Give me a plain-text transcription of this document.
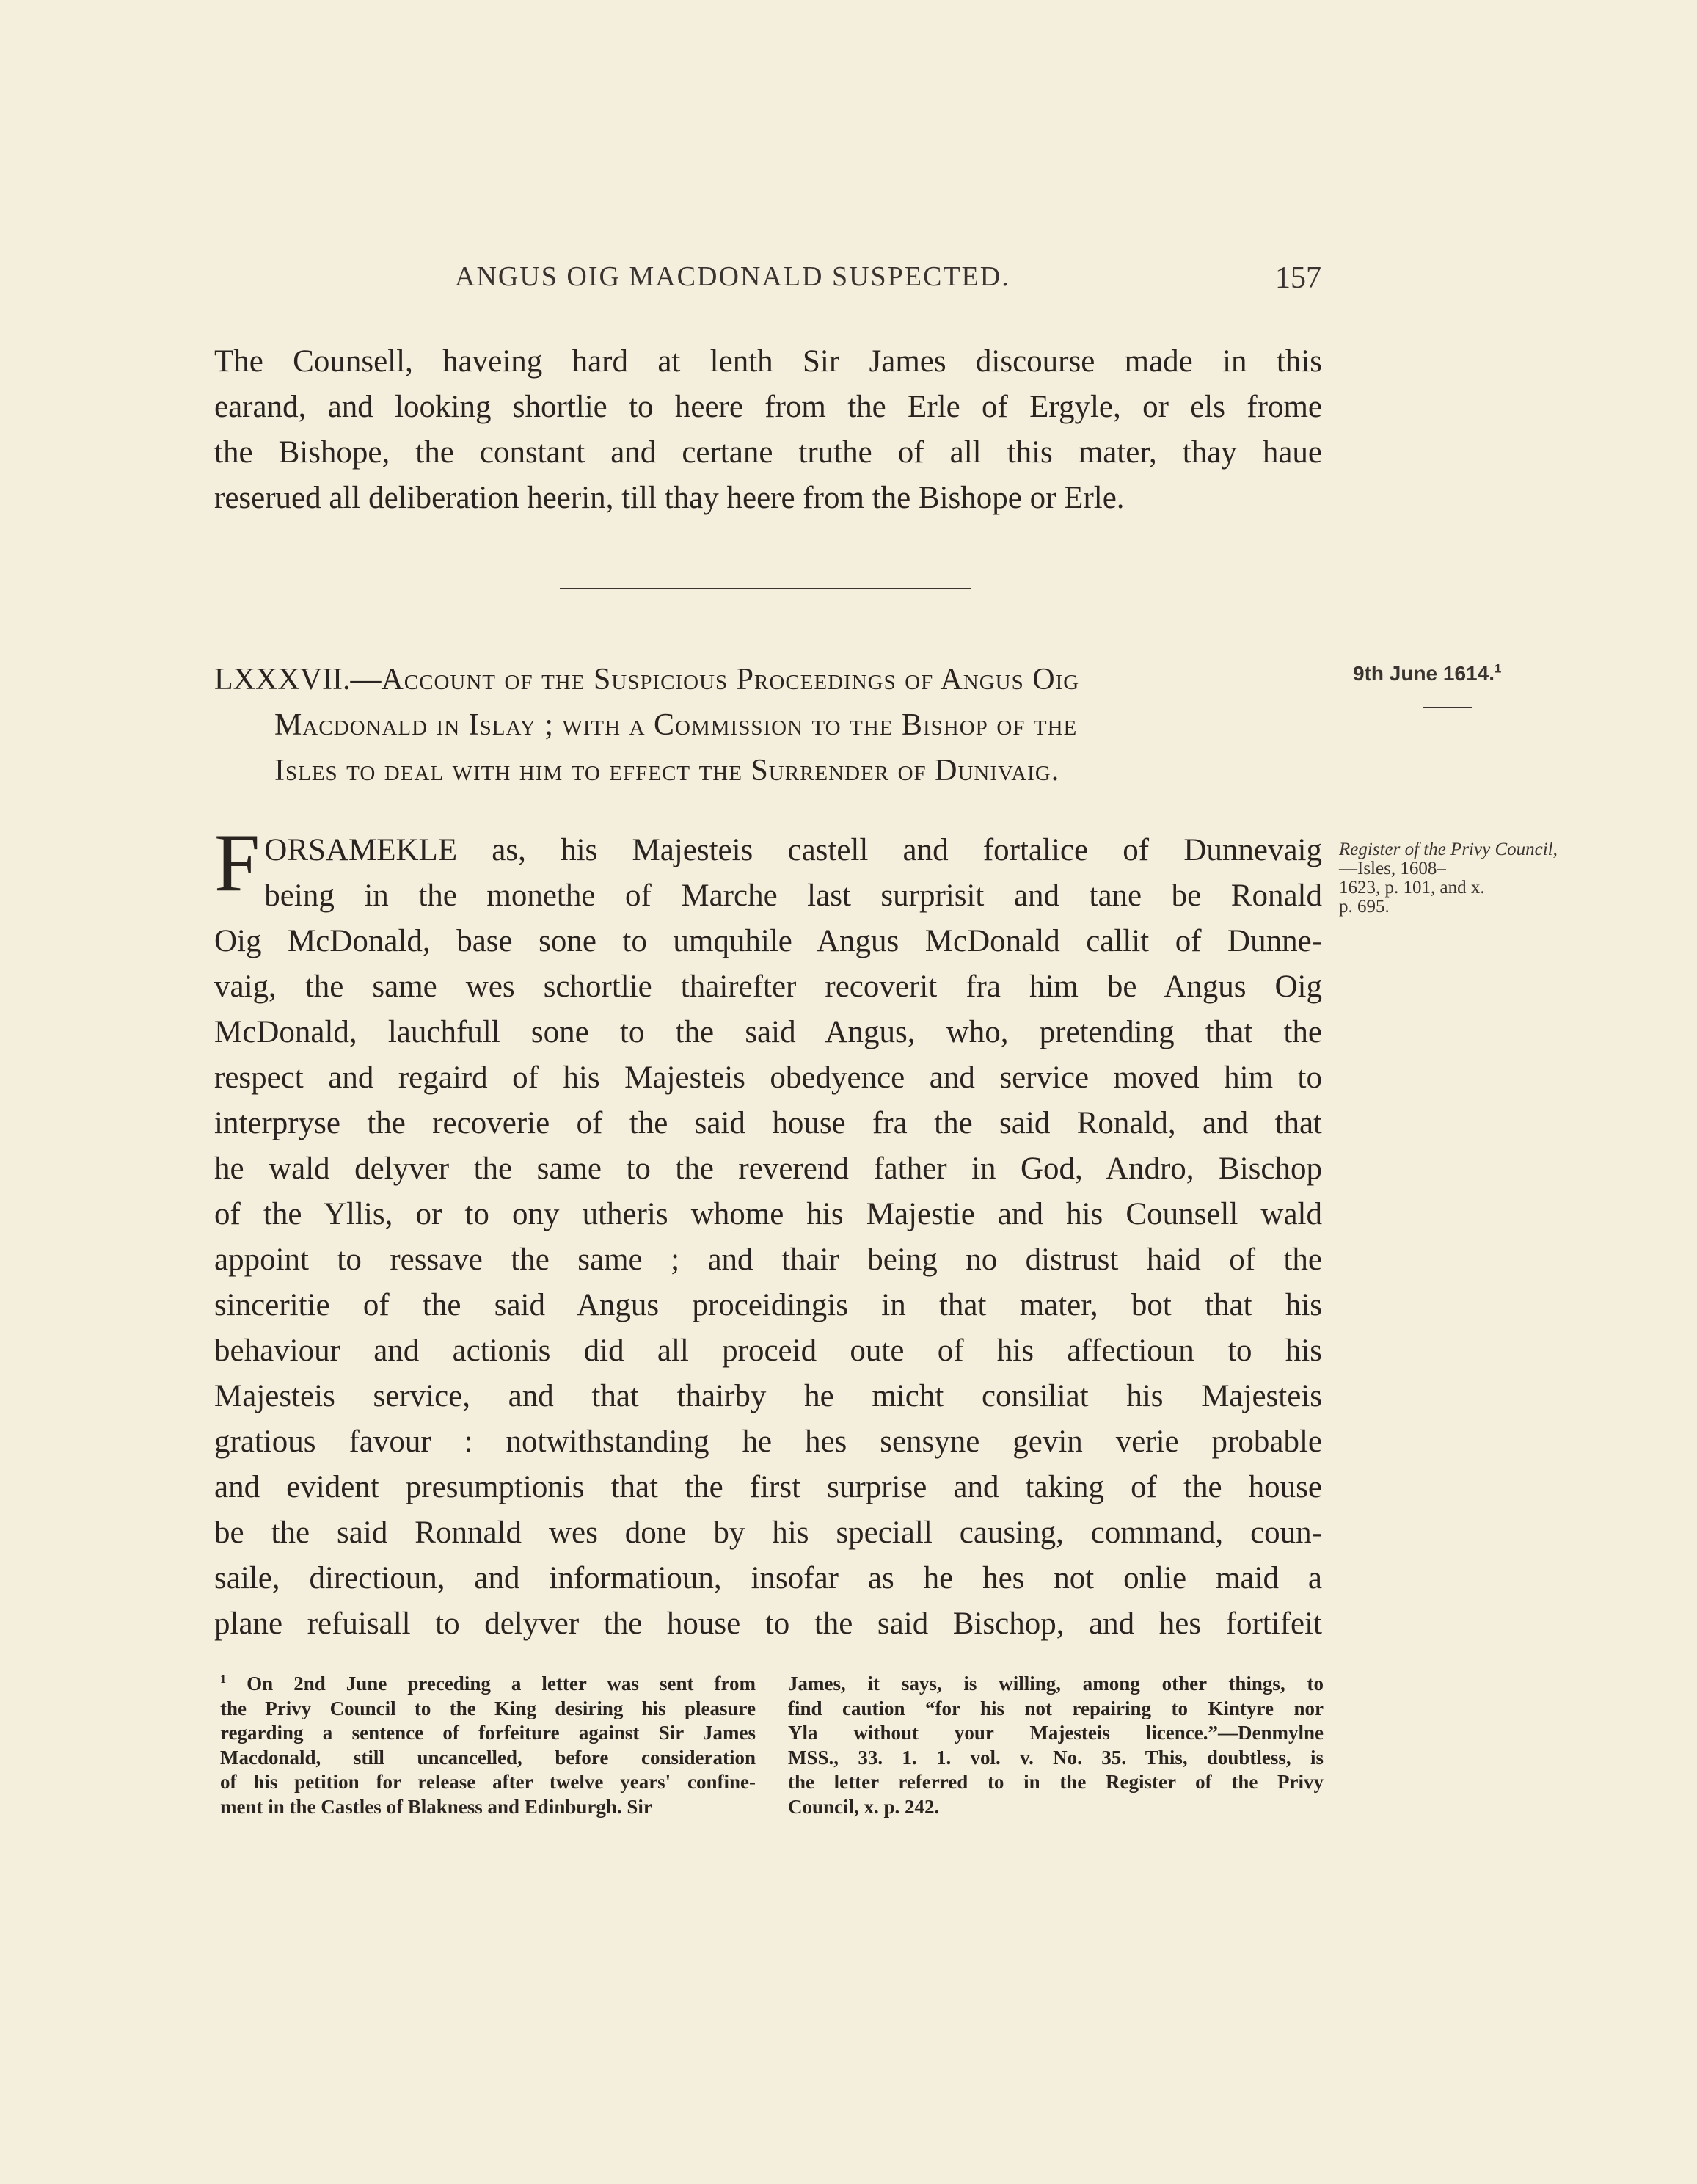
ANGUS OIG MACDONALD SUSPECTED.	157
The Counsell, haveing hard at lenth Sir James discourse made in this
earand, and looking shortlie to heere from the Erle of Ergyle, or els frome
the Bishope, the constant and certane truthe of all this mater, thay haue
reserued all deliberation heerin, till thay heere from the Bishope or Erle.
LXXXVII.—Account of the Suspicious Proceedings of Angus Oig
Macdonald in Islay ; with a Commission to the Bishop of the
Isles to deal with him to effect the Surrender of Dunivaig.
9th June 1614.$^1$
Register of the Privy Council,—Isles, 1608–
1623, p. 101, and x.
p. 695.
F ORSAMEKLE as, his Majesteis castell and fortalice of Dunnevaig
being in the monethe of Marche last surprisit and tane be Ronald
Oig McDonald, base sone to umquhile Angus McDonald callit of Dunne-
vaig, the same wes schortlie thairefter recoverit fra him be Angus Oig
McDonald, lauchfull sone to the said Angus, who, pretending that the
respect and regaird of his Majesteis obedyence and service moved him to
interpryse the recoverie of the said house fra the said Ronald, and that
he wald delyver the same to the reverend father in God, Andro, Bischop
of the Yllis, or to ony utheris whome his Majestie and his Counsell wald
appoint to ressave the same ; and thair being no distrust haid of the
sinceritie of the said Angus proceidingis in that mater, bot that his
behaviour and actionis did all proceid oute of his affectioun to his
Majesteis service, and that thairby he micht consiliat his Majesteis
gratious favour : notwithstanding he hes sensyne gevin verie probable
and evident presumptionis that the first surprise and taking of the house
be the said Ronnald wes done by his speciall causing, command, coun-
saile, directioun, and informatioun, insofar as he hes not onlie maid a
plane refuisall to delyver the house to the said Bischop, and hes fortifeit
$^1$ On 2nd June preceding a letter was sent from
the Privy Council to the King desiring his pleasure
regarding a sentence of forfeiture against Sir James
Macdonald, still uncancelled, before consideration
of his petition for release after twelve years' confine-
ment in the Castles of Blakness and Edinburgh. Sir
James, it says, is willing, among other things, to
find caution “for his not repairing to Kintyre nor
Yla without your Majesteis licence.”—Denmylne
MSS., 33. 1. 1. vol. v. No. 35. This, doubtless, is
the letter referred to in the Register of the Privy
Council, x. p. 242.
